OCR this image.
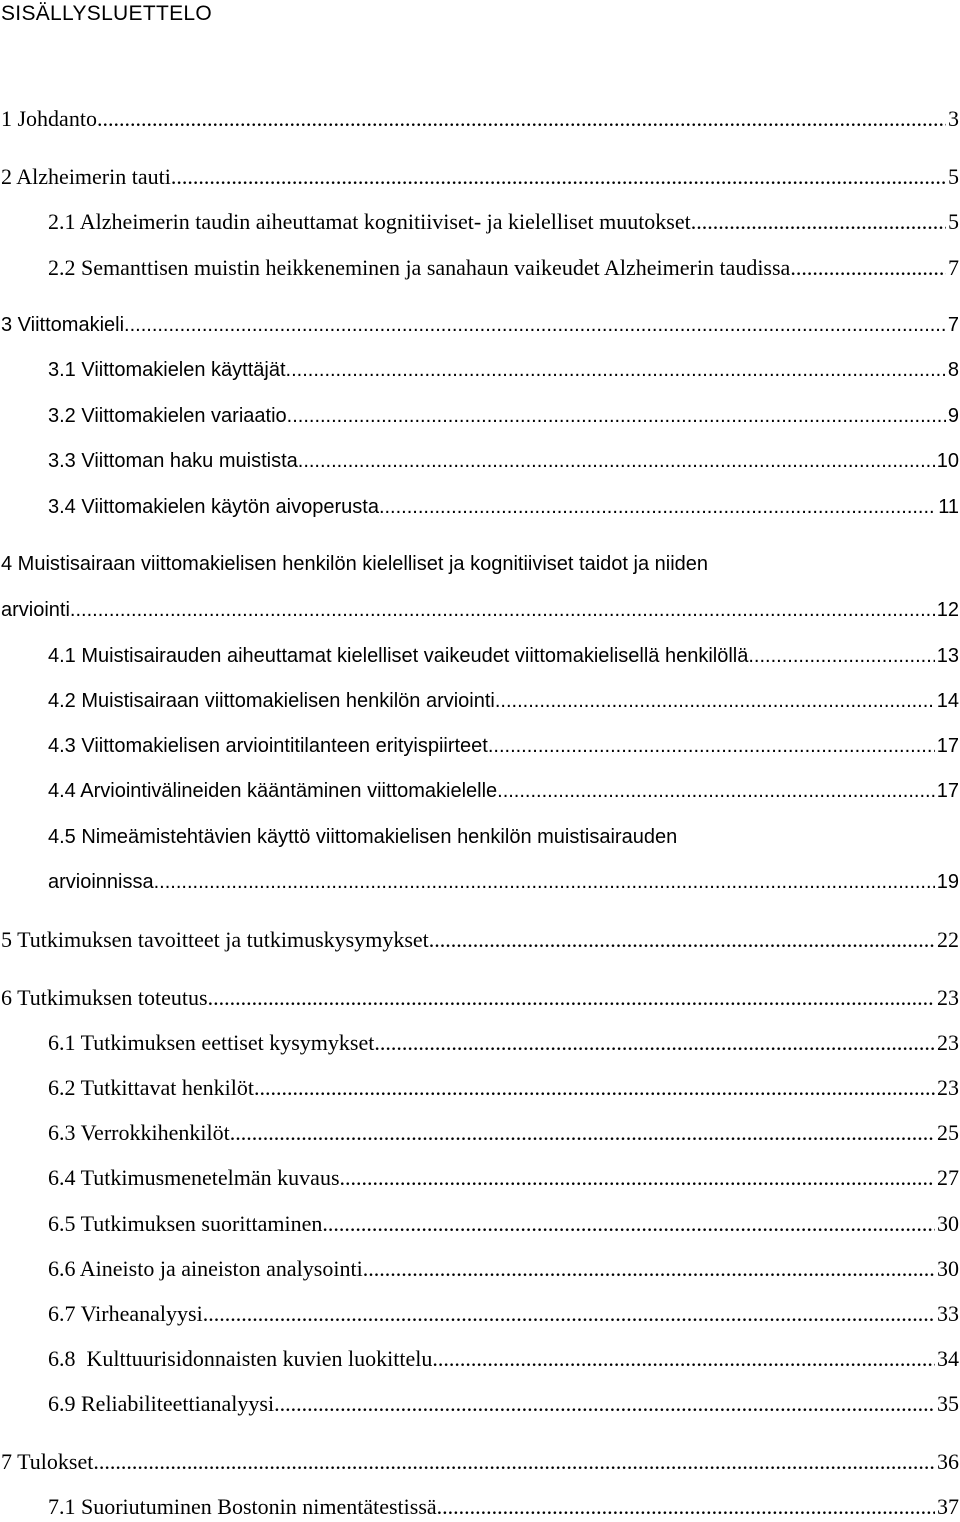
SISÄLLYSLUETTELO
1 Johdanto .....	3
2 Alzheimerin tauti .....	5
2.1 Alzheimerin taudin aiheuttamat kognitiiviset- ja kielelliset muutokset .....	5
2.2 Semanttisen muistin heikkeneminen ja sanahaun vaikeudet Alzheimerin taudissa .....	7
3 Viittomakieli .....	7
3.1 Viittomakielen käyttäjät .....	8
3.2 Viittomakielen variaatio .....	9
3.3 Viittoman haku muistista .....	10
3.4 Viittomakielen käytön aivoperusta .....	11
4 Muistisairaan viittomakielisen henkilön kielelliset ja kognitiiviset taidot ja niiden
arviointi .....	12
4.1 Muistisairauden aiheuttamat kielelliset vaikeudet viittomakielisellä henkilöllä .....	13
4.2 Muistisairaan viittomakielisen henkilön arviointi .....	14
4.3 Viittomakielisen arviointitilanteen erityispiirteet .....	17
4.4 Arviointivälineiden kääntäminen viittomakielelle .....	17
4.5 Nimeämistehtävien käyttö viittomakielisen henkilön muistisairauden
arvioinnissa .....	19
5 Tutkimuksen tavoitteet ja tutkimuskysymykset .....	22
6 Tutkimuksen toteutus .....	23
6.1 Tutkimuksen eettiset kysymykset .....	23
6.2 Tutkittavat henkilöt .....	23
6.3 Verrokkihenkilöt .....	25
6.4 Tutkimusmenetelmän kuvaus .....	27
6.5 Tutkimuksen suorittaminen .....	30
6.6 Aineisto ja aineiston analysointi .....	30
6.7 Virheanalyysi .....	33
6.8  Kulttuurisidonnaisten kuvien luokittelu .....	34
6.9 Reliabiliteettianalyysi .....	35
7 Tulokset .....	36
7.1 Suoriutuminen Bostonin nimentätestissä .....	37
